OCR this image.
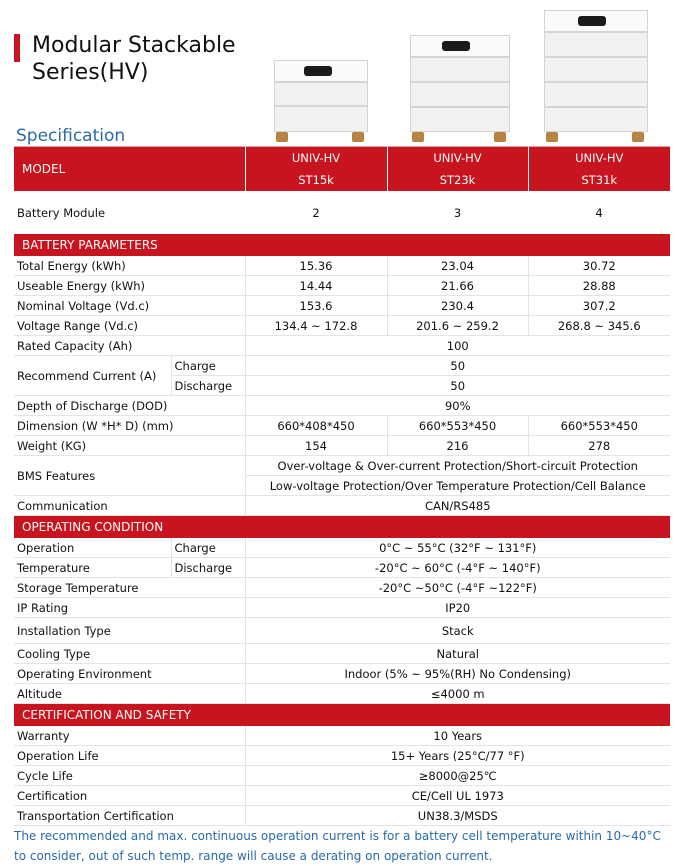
Modular Stackable
Series(HV)
Specification
MODEL		UNIV-HV	UNIV-HV	UNIV-HV
		ST15k	ST23k	ST31k
Battery Module		2	3	4
BATTERY PARAMETERS				
Total Energy (kWh)		15.36	23.04	30.72
Useable Energy (kWh)		14.44	21.66	28.88
Nominal Voltage (Vd.c)		153.6	230.4	307.2
Voltage Range (Vd.c)		134.4 ~ 172.8	201.6 ~ 259.2	268.8 ~ 345.6
Rated Capacity (Ah)		100		
Recommend Current (A)	Charge	50		
	Discharge	50		
Depth of Discharge (DOD)		90%		
Dimension (W *H* D) (mm)		660*408*450	660*553*450	660*553*450
Weight (KG)		154	216	278
BMS Features		Over-voltage & Over-current Protection/Short-circuit Protection		
		Low-voltage Protection/Over Temperature Protection/Cell Balance		
Communication		CAN/RS485		
OPERATING CONDITION				
Operation	Charge	0°C ~ 55°C (32°F ~ 131°F)		
Temperature	Discharge	-20°C ~ 60°C (-4°F ~ 140°F)		
Storage Temperature		-20°C ~50°C (-4°F ~122°F)		
IP Rating		IP20		
Installation Type		Stack		
Cooling Type		Natural		
Operating Environment		Indoor (5% ~ 95%(RH) No Condensing)		
Altitude		≤4000 m		
CERTIFICATION AND SAFETY				
Warranty		10 Years		
Operation Life		15+ Years (25°C/77 °F)		
Cycle Life		≥8000@25℃		
Certification		CE/Cell UL 1973		
Transportation Certification		UN38.3/MSDS		
The recommended and max. continuous operation current is for a battery cell temperature within 10~40°C to consider, out of such temp. range will cause a derating on operation current.
